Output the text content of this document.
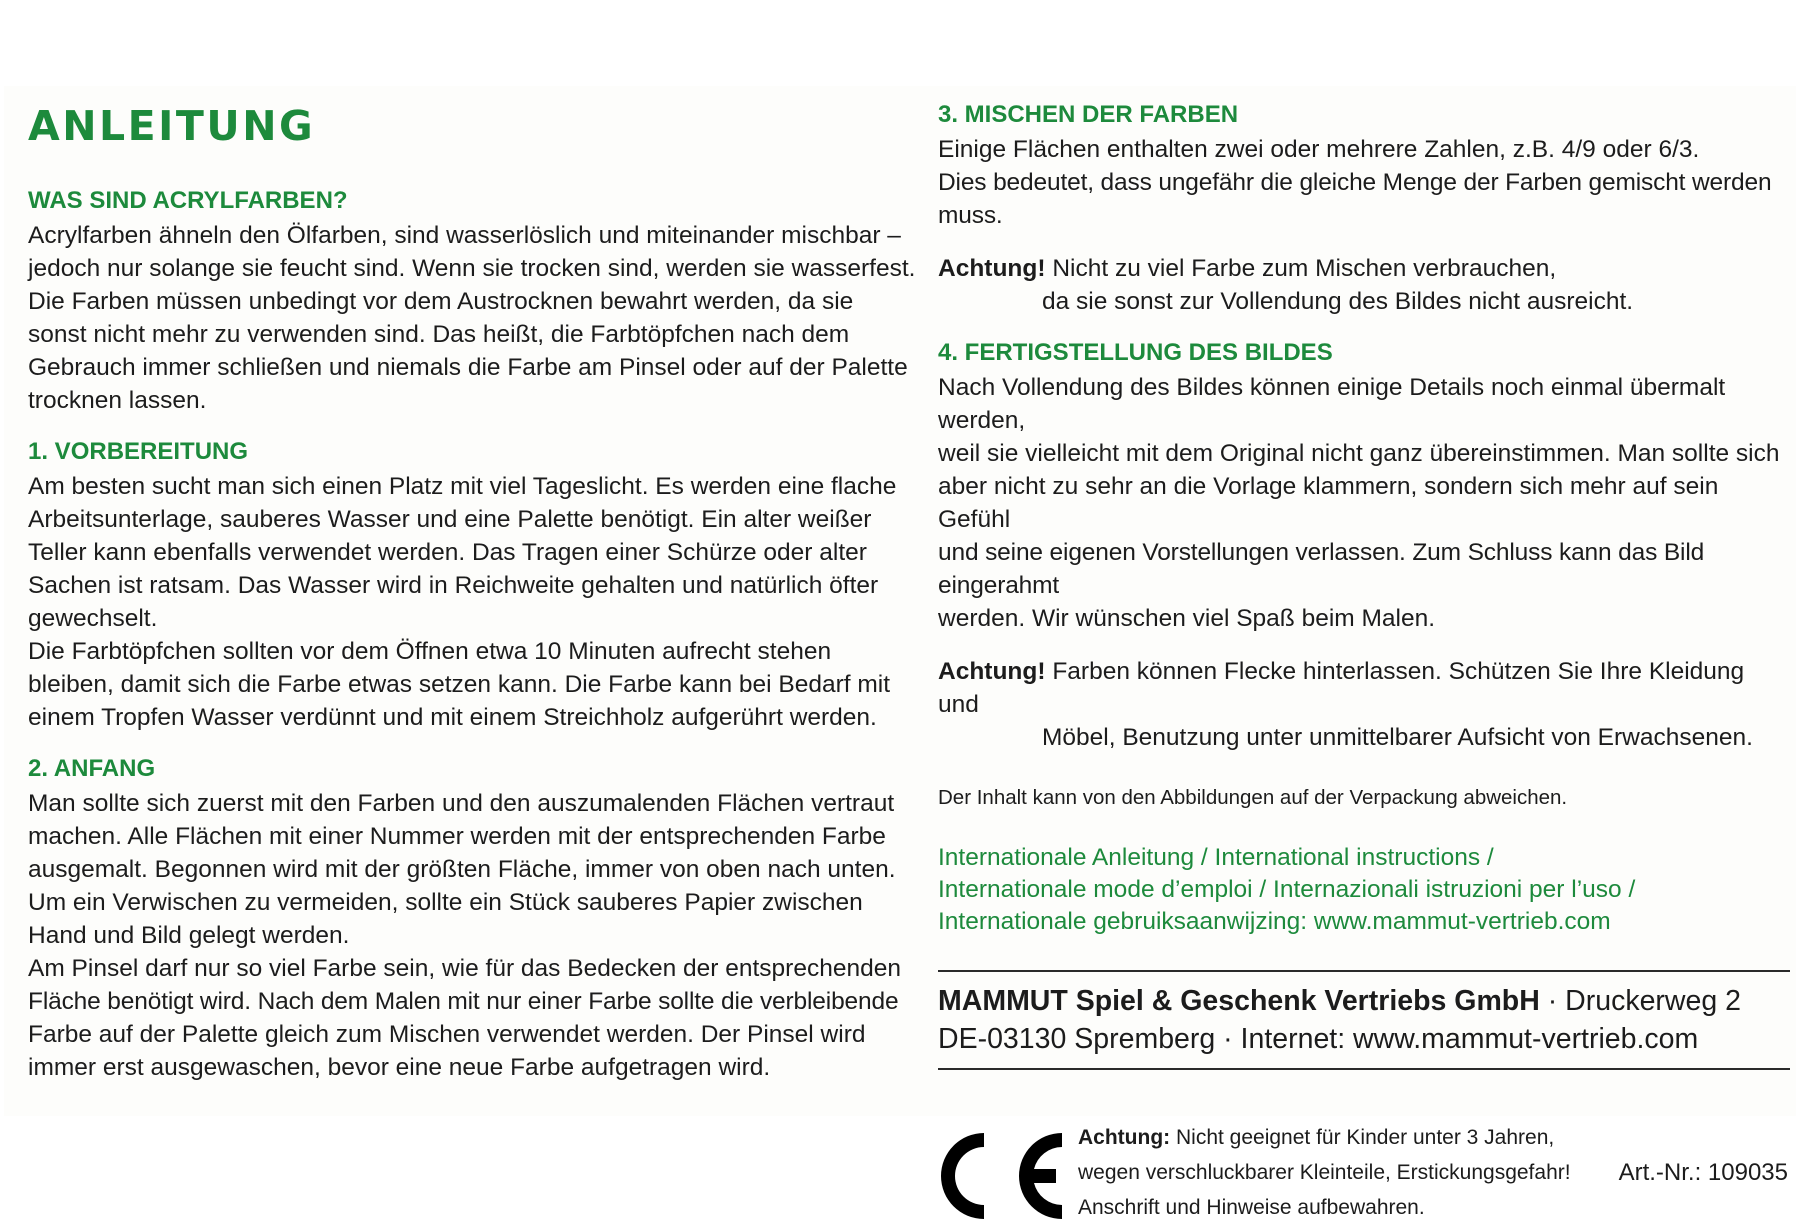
ANLEITUNG
WAS SIND ACRYLFARBEN?
Acrylfarben ähneln den Ölfarben, sind wasserlöslich und miteinander mischbar –
jedoch nur solange sie feucht sind. Wenn sie trocken sind, werden sie wasserfest.
Die Farben müssen unbedingt vor dem Austrocknen bewahrt werden, da sie
sonst nicht mehr zu verwenden sind. Das heißt, die Farbtöpfchen nach dem
Gebrauch immer schließen und niemals die Farbe am Pinsel oder auf der Palette
trocknen lassen.
1. VORBEREITUNG
Am besten sucht man sich einen Platz mit viel Tageslicht. Es werden eine flache
Arbeitsunterlage, sauberes Wasser und eine Palette benötigt. Ein alter weißer
Teller kann ebenfalls verwendet werden. Das Tragen einer Schürze oder alter
Sachen ist ratsam. Das Wasser wird in Reichweite gehalten und natürlich öfter
gewechselt.
Die Farbtöpfchen sollten vor dem Öffnen etwa 10 Minuten aufrecht stehen
bleiben, damit sich die Farbe etwas setzen kann. Die Farbe kann bei Bedarf mit
einem Tropfen Wasser verdünnt und mit einem Streichholz aufgerührt werden.
2. ANFANG
Man sollte sich zuerst mit den Farben und den auszumalenden Flächen vertraut
machen. Alle Flächen mit einer Nummer werden mit der entsprechenden Farbe
ausgemalt. Begonnen wird mit der größten Fläche, immer von oben nach unten.
Um ein Verwischen zu vermeiden, sollte ein Stück sauberes Papier zwischen
Hand und Bild gelegt werden.
Am Pinsel darf nur so viel Farbe sein, wie für das Bedecken der entsprechenden
Fläche benötigt wird. Nach dem Malen mit nur einer Farbe sollte die verbleibende
Farbe auf der Palette gleich zum Mischen verwendet werden. Der Pinsel wird
immer erst ausgewaschen, bevor eine neue Farbe aufgetragen wird.
3. MISCHEN DER FARBEN
Einige Flächen enthalten zwei oder mehrere Zahlen, z.B. 4/9 oder 6/3.
Dies bedeutet, dass ungefähr die gleiche Menge der Farben gemischt werden muss.
Achtung! Nicht zu viel Farbe zum Mischen verbrauchen,
da sie sonst zur Vollendung des Bildes nicht ausreicht.
4. FERTIGSTELLUNG DES BILDES
Nach Vollendung des Bildes können einige Details noch einmal übermalt werden,
weil sie vielleicht mit dem Original nicht ganz übereinstimmen. Man sollte sich
aber nicht zu sehr an die Vorlage klammern, sondern sich mehr auf sein Gefühl
und seine eigenen Vorstellungen verlassen. Zum Schluss kann das Bild eingerahmt
werden. Wir wünschen viel Spaß beim Malen.
Achtung! Farben können Flecke hinterlassen. Schützen Sie Ihre Kleidung und
Möbel, Benutzung unter unmittelbarer Aufsicht von Erwachsenen.
Der Inhalt kann von den Abbildungen auf der Verpackung abweichen.
Internationale Anleitung / International instructions /
Internationale mode d’emploi / Internazionali istruzioni per l’uso /
Internationale gebruiksaanwijzing: www.mammut-vertrieb.com
MAMMUT Spiel & Geschenk Vertriebs GmbH · Druckerweg 2
DE-03130 Spremberg · Internet: www.mammut-vertrieb.com
Achtung: Nicht geeignet für Kinder unter 3 Jahren,
wegen verschluckbarer Kleinteile, Erstickungsgefahr!
Anschrift und Hinweise aufbewahren.
Art.-Nr.: 109035
